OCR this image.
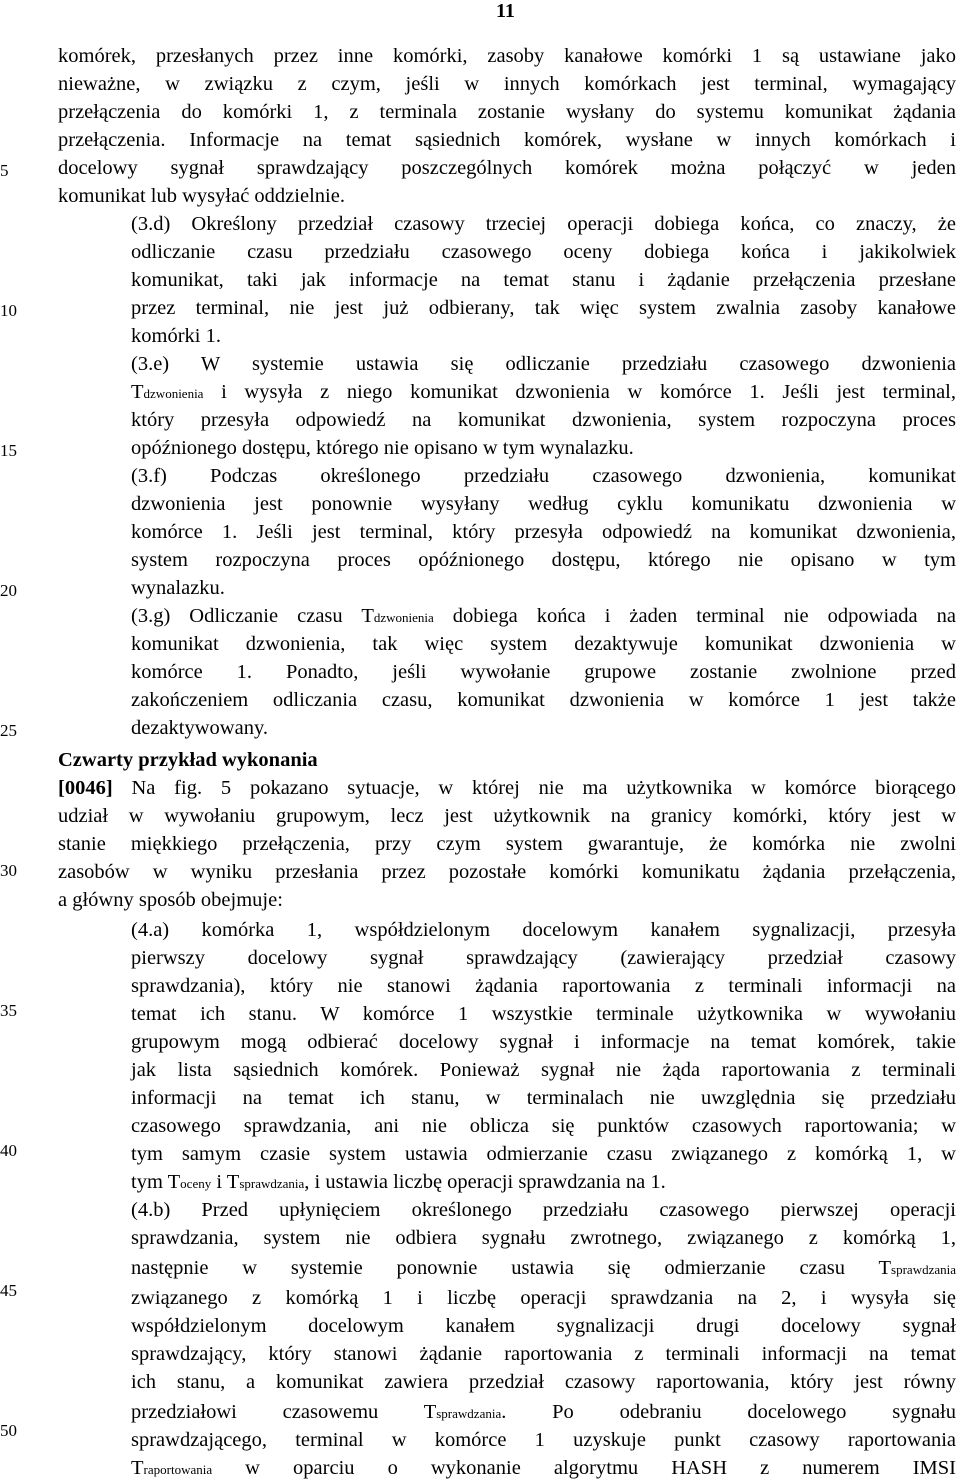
11
5
10
15
20
25
30
35
40
45
50
komórek, przesłanych przez inne komórki, zasoby kanałowe komórki 1 są ustawiane jako
nieważne, w związku z czym, jeśli w innych komórkach jest terminal, wymagający
przełączenia do komórki 1, z terminala zostanie wysłany do systemu komunikat żądania
przełączenia. Informacje na temat sąsiednich komórek, wysłane w innych komórkach i
docelowy sygnał sprawdzający poszczególnych komórek można połączyć w jeden
komunikat lub wysyłać oddzielnie.
(3.d) Określony przedział czasowy trzeciej operacji dobiega końca, co znaczy, że
odliczanie czasu przedziału czasowego oceny dobiega końca i jakikolwiek
komunikat, taki jak informacje na temat stanu i żądanie przełączenia przesłane
przez terminal, nie jest już odbierany, tak więc system zwalnia zasoby kanałowe
komórki 1.
(3.e) W systemie ustawia się odliczanie przedziału czasowego dzwonienia
Tdzwonienia i wysyła z niego komunikat dzwonienia w komórce 1. Jeśli jest terminal,
który przesyła odpowiedź na komunikat dzwonienia, system rozpoczyna proces
opóźnionego dostępu, którego nie opisano w tym wynalazku.
(3.f) Podczas określonego przedziału czasowego dzwonienia, komunikat
dzwonienia jest ponownie wysyłany według cyklu komunikatu dzwonienia w
komórce 1. Jeśli jest terminal, który przesyła odpowiedź na komunikat dzwonienia,
system rozpoczyna proces opóźnionego dostępu, którego nie opisano w tym
wynalazku.
(3.g) Odliczanie czasu Tdzwonienia dobiega końca i żaden terminal nie odpowiada na
komunikat dzwonienia, tak więc system dezaktywuje komunikat dzwonienia w
komórce 1. Ponadto, jeśli wywołanie grupowe zostanie zwolnione przed
zakończeniem odliczania czasu, komunikat dzwonienia w komórce 1 jest także
dezaktywowany.
Czwarty przykład wykonania
[0046] Na fig. 5 pokazano sytuacje, w której nie ma użytkownika w komórce biorącego
udział w wywołaniu grupowym, lecz jest użytkownik na granicy komórki, który jest w
stanie miękkiego przełączenia, przy czym system gwarantuje, że komórka nie zwolni
zasobów w wyniku przesłania przez pozostałe komórki komunikatu żądania przełączenia,
a główny sposób obejmuje:
(4.a) komórka 1, współdzielonym docelowym kanałem sygnalizacji, przesyła
pierwszy docelowy sygnał sprawdzający (zawierający przedział czasowy
sprawdzania), który nie stanowi żądania raportowania z terminali informacji na
temat ich stanu. W komórce 1 wszystkie terminale użytkownika w wywołaniu
grupowym mogą odbierać docelowy sygnał i informacje na temat komórek, takie
jak lista sąsiednich komórek. Ponieważ sygnał nie żąda raportowania z terminali
informacji na temat ich stanu, w terminalach nie uwzględnia się przedziału
czasowego sprawdzania, ani nie oblicza się punktów czasowych raportowania; w
tym samym czasie system ustawia odmierzanie czasu związanego z komórką 1, w
tym Toceny i Tsprawdzania, i ustawia liczbę operacji sprawdzania na 1.
(4.b) Przed upłynięciem określonego przedziału czasowego pierwszej operacji
sprawdzania, system nie odbiera sygnału zwrotnego, związanego z komórką 1,
następnie w systemie ponownie ustawia się odmierzanie czasu Tsprawdzania
związanego z komórką 1 i liczbę operacji sprawdzania na 2, i wysyła się
współdzielonym docelowym kanałem sygnalizacji drugi docelowy sygnał
sprawdzający, który stanowi żądanie raportowania z terminali informacji na temat
ich stanu, a komunikat zawiera przedział czasowy raportowania, który jest równy
przedziałowi czasowemu Tsprawdzania. Po odebraniu docelowego sygnału
sprawdzającego, terminal w komórce 1 uzyskuje punkt czasowy raportowania
Traportowania w oparciu o wykonanie algorytmu HASH z numerem IMSI
